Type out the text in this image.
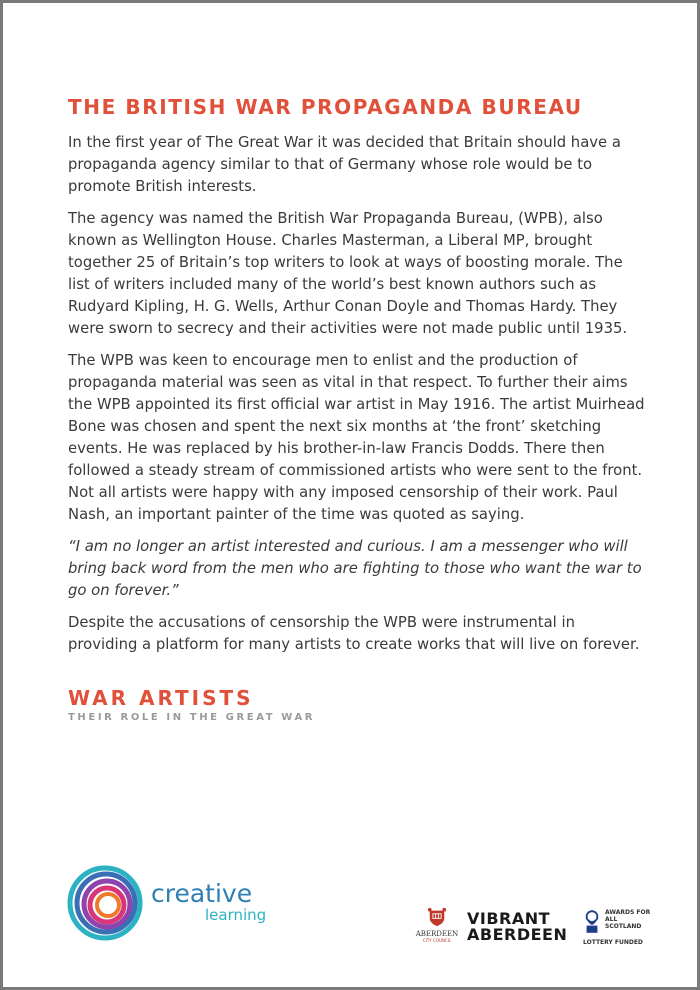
THE BRITISH WAR PROPAGANDA BUREAU

In the first year of The Great War it was decided that Britain should have a propaganda agency similar to that of Germany whose role would be to promote British interests.

The agency was named the British War Propaganda Bureau, (WPB), also known as Wellington House. Charles Masterman, a Liberal MP, brought together 25 of Britain’s top writers to look at ways of boosting morale. The list of writers included many of the world’s best known authors such as Rudyard Kipling, H. G. Wells, Arthur Conan Doyle and Thomas Hardy. They were sworn to secrecy and their activities were not made public until 1935.

The WPB was keen to encourage men to enlist and the production of propaganda material was seen as vital in that respect. To further their aims the WPB appointed its first official war artist in May 1916. The artist Muirhead Bone was chosen and spent the next six months at ‘the front’ sketching events. He was replaced by his brother-in-law Francis Dodds. There then followed a steady stream of commissioned artists who were sent to the front. Not all artists were happy with any imposed censorship of their work. Paul Nash, an important painter of the time was quoted as saying.

“I am no longer an artist interested and curious. I am a messenger who will bring back word from the men who are fighting to those who want the war to go on forever.”

Despite the accusations of censorship the WPB were instrumental in providing a platform for many artists to create works that will live on forever.

WAR ARTISTS
THEIR ROLE IN THE GREAT WAR
creative
learning
ABERDEEN
CITY COUNCIL
VIBRANT
ABERDEEN
AWARDS FOR ALL SCOTLAND
LOTTERY FUNDED
